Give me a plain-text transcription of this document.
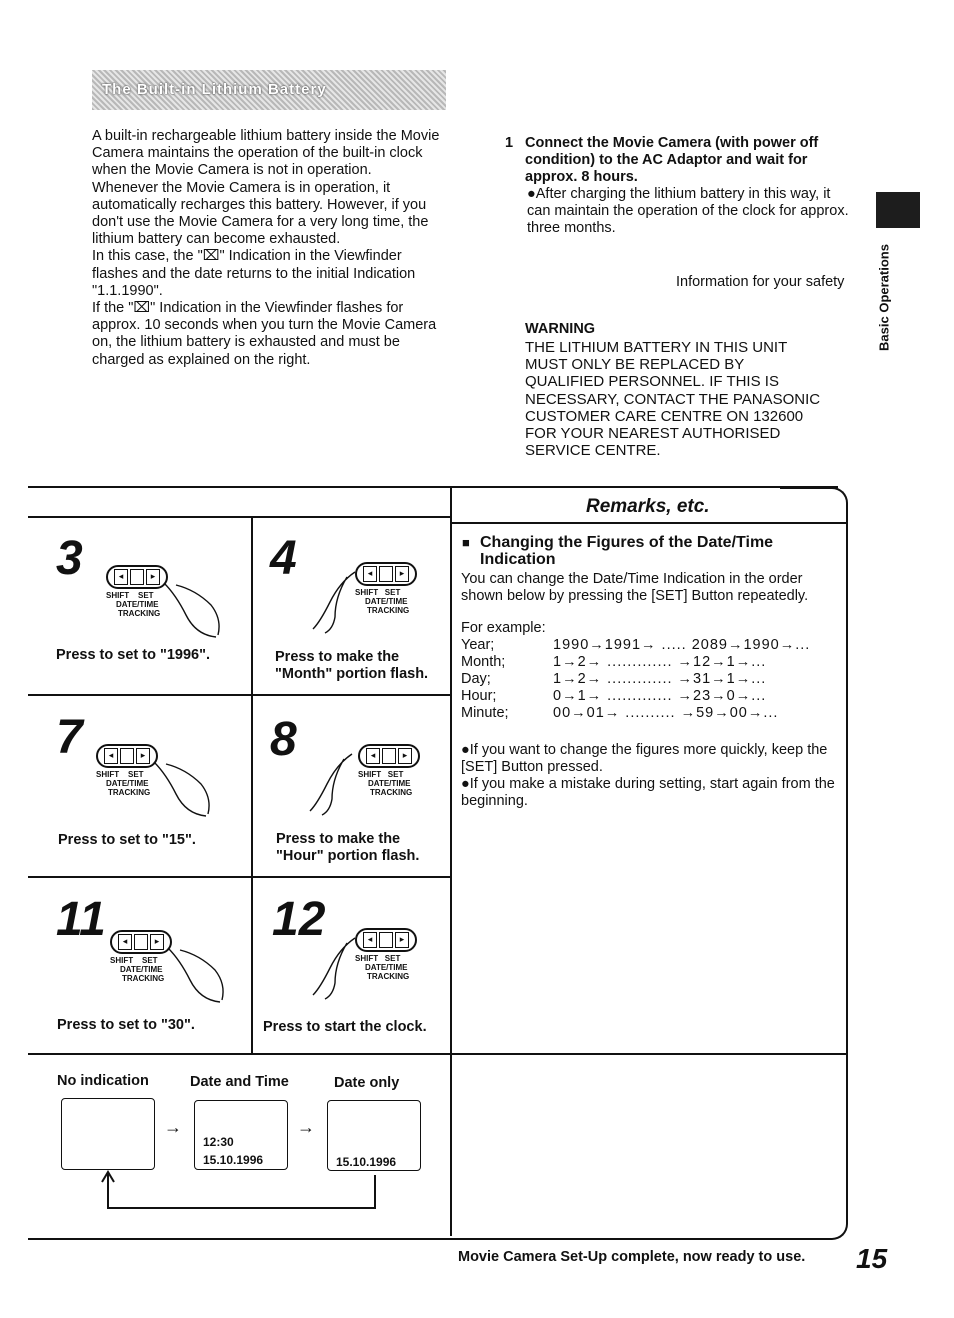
The Built-in Lithium Battery

A built-in rechargeable lithium battery inside the Movie Camera maintains the operation of the built-in clock when the Movie Camera is not in operation. Whenever the Movie Camera is in operation, it automatically recharges this battery. However, if you don't use the Movie Camera for a very long time, the lithium battery can become exhausted.

In this case, the "⌧" Indication in the Viewfinder flashes and the date returns to the initial Indication "1.1.1990".

If the "⌧" Indication in the Viewfinder flashes for approx. 10 seconds when you turn the Movie Camera on, the lithium battery is exhausted and must be charged as explained on the right.

1 Connect the Movie Camera (with power off condition) to the AC Adaptor and wait for approx. 8 hours.
●After charging the lithium battery in this way, it can maintain the operation of the clock for approx. three months.
Information for your safety
WARNING
THE LITHIUM BATTERY IN THIS UNIT MUST ONLY BE REPLACED BY QUALIFIED PERSONNEL. IF THIS IS NECESSARY, CONTACT THE PANASONIC CUSTOMER CARE CENTRE ON 132600 FOR YOUR NEAREST AUTHORISED SERVICE CENTRE.
Basic Operations
3	◂	▸
SHIFT SET
DATE/TIME
TRACKING
Press to set to "1996".
4	◂	▸
SHIFT SET
DATE/TIME
TRACKING
Press to make the "Month" portion flash.
7	◂	▸
SHIFT SET
DATE/TIME
TRACKING
Press to set to "15".
8	◂	▸
SHIFT SET
DATE/TIME
TRACKING
Press to make the "Hour" portion flash.
11	◂	▸
SHIFT SET
DATE/TIME
TRACKING
Press to set to "30".
12	◂	▸
SHIFT SET
DATE/TIME
TRACKING
Press to start the clock.
Remarks, etc.
■ Changing the Figures of the Date/Time Indication
You can change the Date/Time Indication in the order shown below by pressing the [SET] Button repeatedly.
For example:
Year;	1990→1991→ ..... 2089→1990→...
Month;	1→2→ ............. →12→1→...
Day;	1→2→ ............. →31→1→...
Hour;	0→1→ ............. →23→0→...
Minute;	00→01→ .......... →59→00→...
●If you want to change the figures more quickly, keep the [SET] Button pressed.
●If you make a mistake during setting, start again from the beginning.
No indication	Date and Time	Date only
→
12:30
15.10.1996
→
15.10.1996
Movie Camera Set-Up complete, now ready to use. 15
